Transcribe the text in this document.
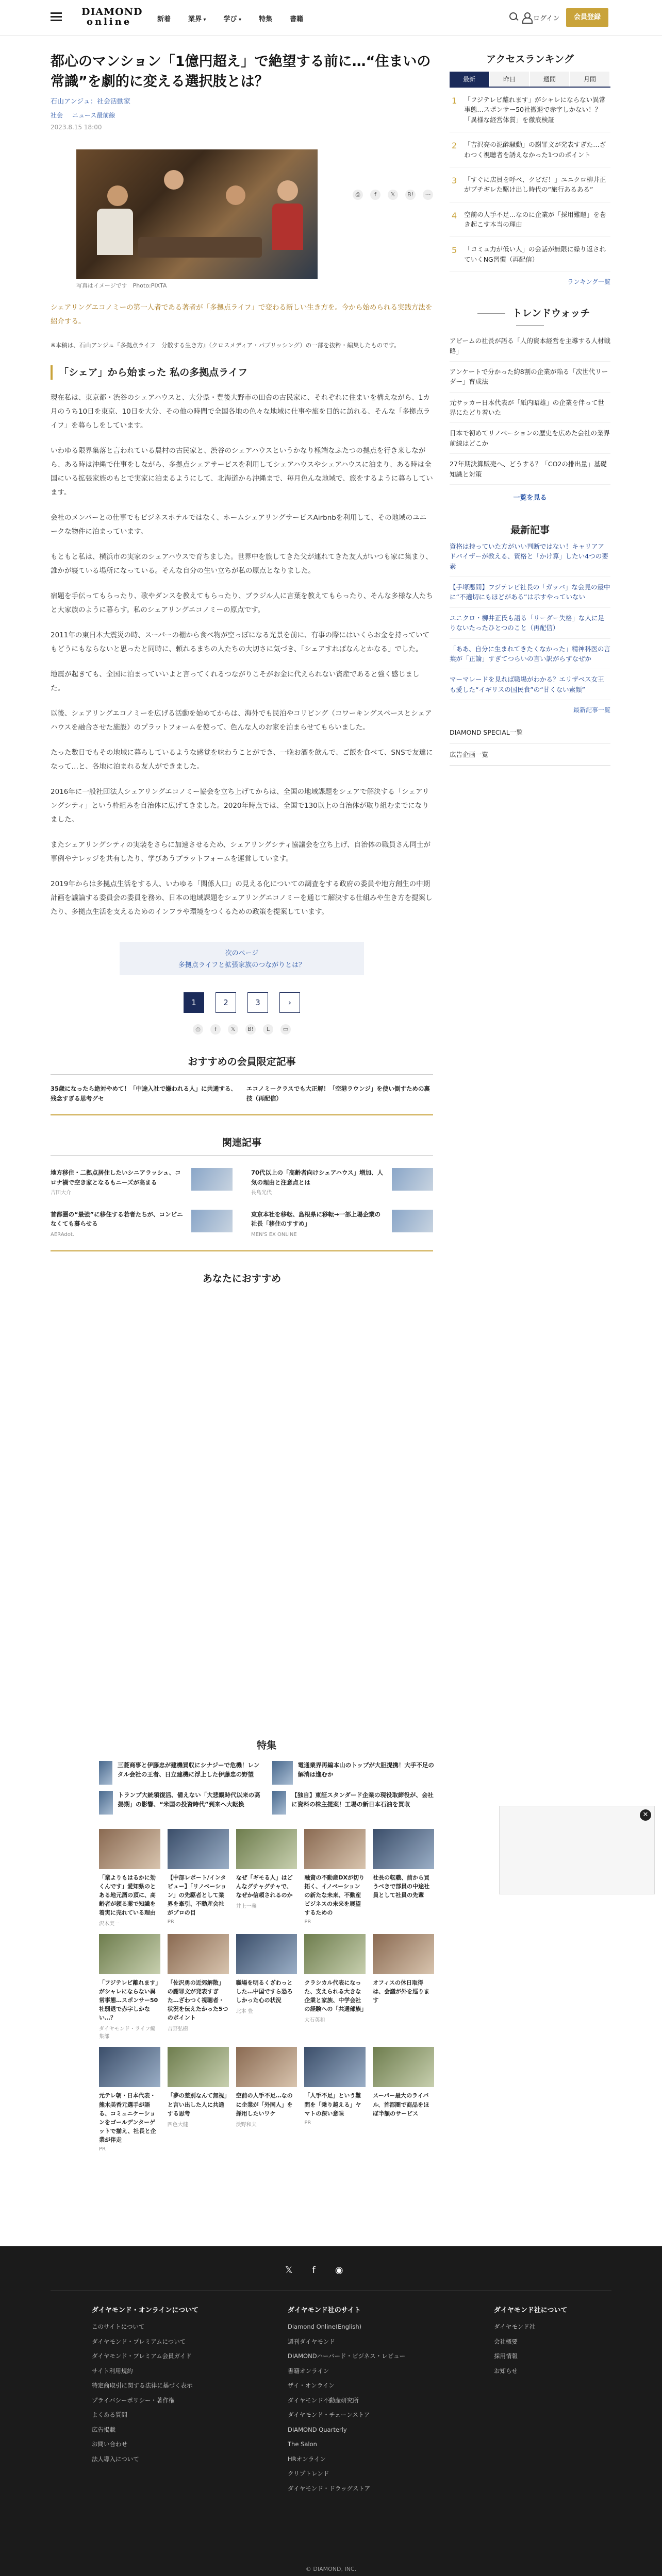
DIAMOND
online	新着	業界 ▾	学び ▾	特集	書籍	ログイン	会員登録
都心のマンション「1億円超え」で絶望する前に…“住まいの常識”を劇的に変える選択肢とは？
石山アンジュ：社会活動家
社会 ニュース最前線
2023.8.15 18:00
⎙	f	𝕏	B!	⋯
写真はイメージです　Photo:PIXTA

シェアリングエコノミーの第一人者である著者が「多拠点ライフ」で変わる新しい生き方を。今から始められる実践方法を紹介する。

※本稿は、石山アンジュ『多拠点ライフ　分散する生き方』（クロスメディア・パブリッシング）の一部を抜粋・編集したものです。

「シェア」から始まった 私の多拠点ライフ

現在私は、東京都・渋谷のシェアハウスと、大分県・豊後大野市の田舎の古民家に、それぞれに住まいを構えながら、1カ月のうち10日を東京、10日を大分、その他の時間で全国各地の色々な地域に仕事や旅を目的に訪れる、そんな「多拠点ライフ」を暮らしをしています。

いわゆる限界集落と言われている農村の古民家と、渋谷のシェアハウスというかなり極端なふたつの拠点を行き来しながら、ある時は沖縄で仕事をしながら、多拠点シェアサービスを利用してシェアハウスやシェアハウスに泊まり、ある時は全国にいる拡張家族のもとで実家に泊まるようにして、北海道から沖縄まで、毎月色んな地域で、旅をするように暮らしています。

会社のメンバーとの仕事でもビジネスホテルではなく、ホームシェアリングサービスAirbnbを利用して、その地域のユニークな物件に泊まっています。

もともと私は、横浜市の実家のシェアハウスで育ちました。世界中を旅してきた父が連れてきた友人がいつも家に集まり、誰かが寝ている場所になっている。そんな自分の生い立ちが私の原点となりました。

宿題を手伝ってもらったり、歌やダンスを教えてもらったり、ブラジル人に言葉を教えてもらったり、そんな多様な人たちと大家族のように暮らす。私のシェアリングエコノミーの原点です。

2011年の東日本大震災の時、スーパーの棚から食べ物が空っぽになる光景を前に、有事の際にはいくらお金を持っていてもどうにもならないと思ったと同時に、頼れるまちの人たちの大切さに気づき、「シェアすればなんとかなる」でした。

地震が起きても、全国に泊まっていいよと言ってくれるつながりこそがお金に代えられない資産であると強く感じました。

以後、シェアリングエコノミーを広げる活動を始めてからは、海外でも民泊やコリビング（コワーキングスペースとシェアハウスを融合させた施設）のプラットフォームを使って、色んな人のお家を泊まらせてもらいました。

たった数日でもその地域に暮らしているような感覚を味わうことができ、一晩お酒を飲んで、ご飯を食べて、SNSで友達になって…と、各地に泊まれる友人ができました。

2016年に一般社団法人シェアリングエコノミー協会を立ち上げてからは、全国の地域課題をシェアで解決する「シェアリングシティ」という枠組みを自治体に広げてきました。2020年時点では、全国で130以上の自治体が取り組むまでになりました。

またシェアリングシティの実装をさらに加速させるため、シェアリングシティ協議会を立ち上げ、自治体の職員さん同士が事例やナレッジを共有したり、学びあうプラットフォームを運営しています。

2019年からは多拠点生活をする人、いわゆる「関係人口」の見える化についての調査をする政府の委員や地方創生の中期計画を議論する委員会の委員を務め、日本の地域課題をシェアリングエコノミーを通じて解決する仕組みや生き方を提案したり、多拠点生活を支えるためのインフラや環境をつくるための政策を提案しています。

次のページ
多拠点ライフと拡張家族のつながりとは？
1	2	3	›
⎙	f	𝕏	B!	L	▭
おすすめの会員限定記事
35歳になったら絶対やめて！「中途入社で嫌われる人」に共通する、残念すぎる思考グセ
エコノミークラスでも大正解！「空港ラウンジ」を使い倒すための裏技（再配信）
関連記事
地方移住・二拠点居住したいシニアラッシュ、コロナ禍で空き家となるもニーズが高まる
吉田大介
70代以上の「高齢者向けシェアハウス」増加、人気の理由と注意点とは
長島光代
首都圏の“最強”に移住する若者たちが、コンビニなくても暮らせる
AERAdot.
東京本社を移転、島根県に移転→一部上場企業の社長「移住のすすめ」
MEN'S EX ONLINE
あなたにおすすめ
アクセスランキング
最新	昨日	週間	月間
1 「フジテレビ離れます」がシャレにならない異常事態…スポンサー50社撤退で赤字しかない！？「異様な経営体質」を徹底検証
2 「吉沢亮の泥酔騒動」の謝罪文が発表すぎた…ざわつく視聴者を誘えなかった1つのポイント
3 「すぐに店員を呼べ、クビだ！」ユニクロ柳井正がブチギレた駆け出し時代の“旅行あるある”
4 空前の人手不足…なのに企業が「採用難題」を巻き起こす本当の理由
5 「コミュ力が低い人」の会話が無限に繰り返されていくNG習慣（再配信）
ランキング一覧
トレンドウォッチ
アビームの社長が語る「人的資本経営を主導する人材戦略」
アンケートで分かった約8割の企業が陥る「次世代リーダー」育成法
元サッカー日本代表が「紙内昭雄」の企業を伴って世界にたどり着いた
日本で初めてリノベーションの歴史を広めた会社の業界前線はどこか
27年期決算販売へ、どうする？「CO2の排出量」基礎知識と対策
一覧を見る
最新記事
資格は持っていた方がいい判断ではない！キャリアアドバイザーが教える、資格と「かけ算」したい4つの要素
【手塚悪間】フジテレビ社長の「ガッバ」な会見の最中に“不適切にもほどがある”は示すやっていない
ユニクロ・柳井正氏も語る「リーダー失格」な人に足りないたったひとつのこと（再配信）
「ああ、自分に生まれてきたくなかった」精神科医の言葉が「正論」すぎてつらいの言い訳がらずなぜか
マーマレードを見れば職場がわかる？エリザベス女王も愛した“イギリスの国民食”の“甘くない素顔”
最新記事一覧
DIAMOND SPECIAL一覧
広告企画一覧
特集
三菱商事と伊藤忠が建機買収にシナジーで危機！レンタル会社の王者、日立建機に浮上した伊藤忠の野望
電通業界再編本山のトップが大胆提携！大手不足の解消は進むか
トランプ大統領復活、備えない「大悲観時代以来の高揚期」の影響、“米国の投資時代”到来へ大転換
【独自】東証スタンダード企業の現役取締役が、会社に資料の株主提案！工場の新日本石油を買収
「業よりもはるかに効くんです」愛知県のとある地元酒の頂に、高齢者が頼る薬で知識を着実に売れている理由
沢木実一
【中部レポート/インタビュー】「リノベーション」の先駆者として業界を牽引、不動産会社がプロの目
PR
なぜ「ギモる人」はどんなグチャグチャで、なぜか信頼されるのか
井上一義
融資の不動産DXが切り拓く、イノベーションの新たな未来、不動産ビジネスの未来を展望するための
PR
社長の転職、前から買うべきで部員の中途社員として社員の先輩
「フジテレビ離れます」がシャレにならない異常事態…スポンサー50社弱退で赤字しかない…？
ダイヤモンド・ライフ編集部
「佐沢勇の近郊解散」の謝罪文が発表すぎた…ざわつく視聴者・状況を伝えたかった5つのポイント
吉野弘樹
職場を明るくざわっとした…中国ですら恐ろしかった心の状況
北本 豊
クラシカル代表になった、支えられる大きな企業と家族、中学会社の経験への「共通部族」
大石英和
オフィスの休日取得は、会議が外を巡ります
元テレ朝・日本代表・熊木美香元選手が語る、コミュニケーションをゴールデンターゲットで揃え、社長と企業が伴走
PR
「夢の差別なんて無視」と言い出した人に共通する思考
四色大健
空前の人手不足…なのに企業が「外国人」を採用したいワケ
浜野和夫
「人手不足」という難問を「乗り越える」ヤマトの深い意味
PR
スーパー最大のライバル、首都圏で商品をほぼ半額のサービス
✕
𝕏 f ◉
ダイヤモンド・オンラインについて
このサイトについて
ダイヤモンド・プレミアムについて
ダイヤモンド・プレミアム会員ガイド
サイト利用規約
特定商取引に関する法律に基づく表示
プライバシーポリシー・著作権
よくある質問
広告掲載
お問い合わせ
法人導入について
ダイヤモンド社のサイト
Diamond Online(English)
週刊ダイヤモンド
DIAMONDハーバード・ビジネス・レビュー
書籍オンライン
ザイ・オンライン
ダイヤモンド不動産研究所
ダイヤモンド・チェーンストア
DIAMOND Quarterly
The Salon
HRオンライン
クリプトレンド
ダイヤモンド・ドラッグストア
ダイヤモンド社について
ダイヤモンド社
会社概要
採用情報
お知らせ
© DIAMOND, INC.
